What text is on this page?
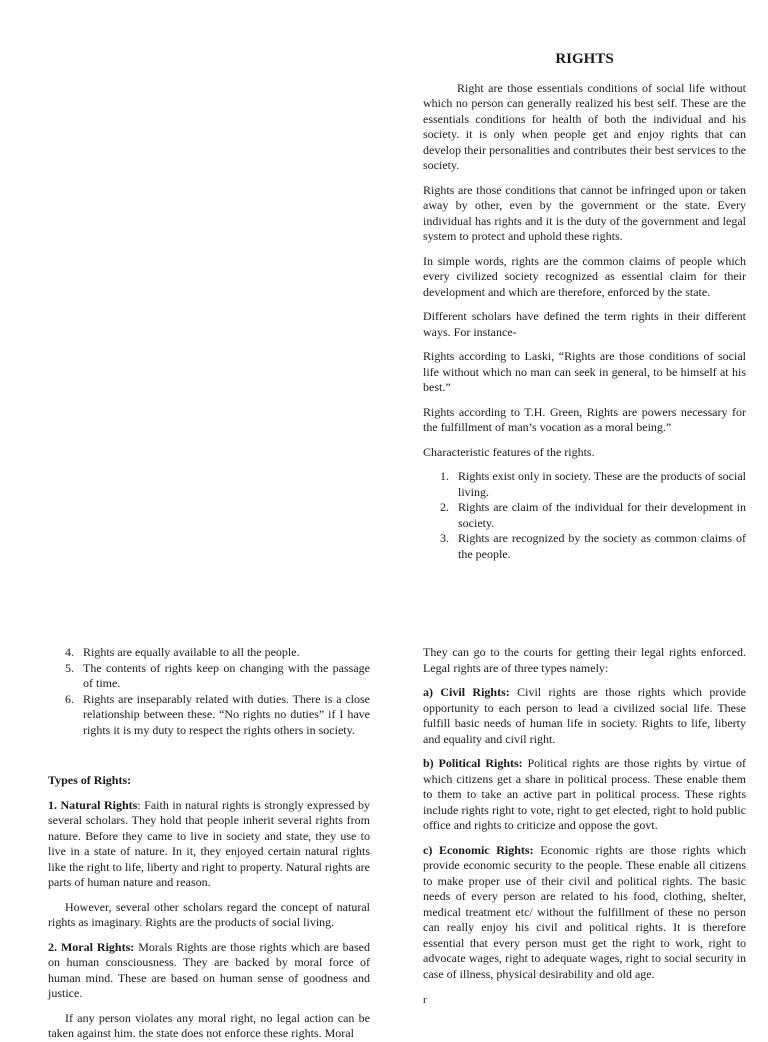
RIGHTS

Right are those essentials conditions of social life without which no person can generally realized his best self. These are the essentials conditions for health of both the individual and his society. it is only when people get and enjoy rights that can develop their personalities and contributes their best services to the society.

Rights are those conditions that cannot be infringed upon or taken away by other, even by the government or the state. Every individual has rights and it is the duty of the government and legal system to protect and uphold these rights.

In simple words, rights are the common claims of people which every civilized society recognized as essential claim for their development and which are therefore, enforced by the state.

Different scholars have defined the term rights in their different ways. For instance-

Rights according to Laski, “Rights are those conditions of social life without which no man can seek in general, to be himself at his best.”

Rights according to T.H. Green, Rights are powers necessary for the fulfillment of man’s vocation as a moral being.”

Characteristic features of the rights.

1. Rights exist only in society. These are the products of social living.
2. Rights are claim of the individual for their development in society.
3. Rights are recognized by the society as common claims of the people.
4. Rights are equally available to all the people.
5. The contents of rights keep on changing with the passage of time.
6. Rights are inseparably related with duties. There is a close relationship between these. “No rights no duties” if I have rights it is my duty to respect the rights others in society.

Types of Rights:

1. Natural Rights: Faith in natural rights is strongly expressed by several scholars. They hold that people inherit several rights from nature. Before they came to live in society and state, they use to live in a state of nature. In it, they enjoyed certain natural rights like the right to life, liberty and right to property. Natural rights are parts of human nature and reason.

However, several other scholars regard the concept of natural rights as imaginary. Rights are the products of social living.

2. Moral Rights: Morals Rights are those rights which are based on human consciousness. They are backed by moral force of human mind. These are based on human sense of goodness and justice.

If any person violates any moral right, no legal action can be taken against him. the state does not enforce these rights. Moral

They can go to the courts for getting their legal rights enforced. Legal rights are of three types namely:

a) Civil Rights: Civil rights are those rights which provide opportunity to each person to lead a civilized social life. These fulfill basic needs of human life in society. Rights to life, liberty and equality and civil right.

b) Political Rights: Political rights are those rights by virtue of which citizens get a share in political process. These enable them to them to take an active part in political process. These rights include rights right to vote, right to get elected, right to hold public office and rights to criticize and oppose the govt.

c) Economic Rights: Economic rights are those rights which provide economic security to the people. These enable all citizens to make proper use of their civil and political rights. The basic needs of every person are related to his food, clothing, shelter, medical treatment etc/ without the fulfillment of these no person can really enjoy his civil and political rights. It is therefore essential that every person must get the right to work, right to advocate wages, right to adequate wages, right to social security in case of illness, physical desirability and old age.

r
